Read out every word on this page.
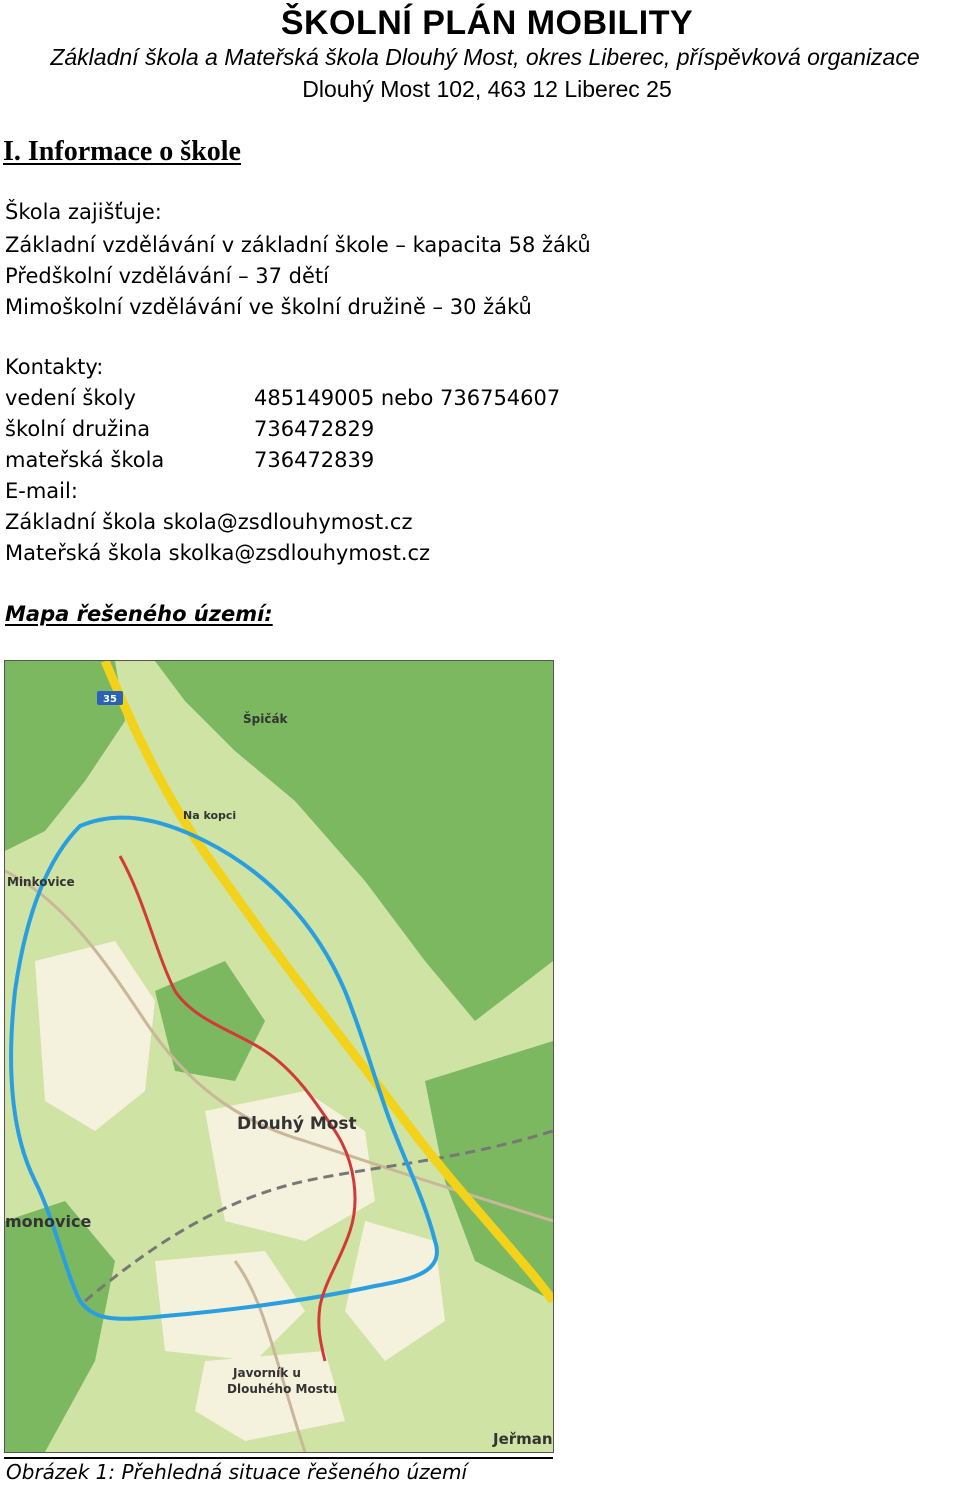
ŠKOLNÍ PLÁN MOBILITY
Základní škola a Mateřská škola Dlouhý Most, okres Liberec, příspěvková organizace
Dlouhý Most 102, 463 12 Liberec 25
I. Informace o škole
Škola zajišťuje:
Základní vzdělávání v základní škole – kapacita 58 žáků
Předškolní vzdělávání – 37 dětí
Mimoškolní vzdělávání ve školní družině – 30 žáků
Kontakty:
vedení školy	485149005 nebo 736754607
školní družina	736472829
mateřská škola	736472839
E-mail:
Základní škola skola@zsdlouhymost.cz
Mateřská škola skolka@zsdlouhymost.cz
Mapa řešeného území:
35
Špičák
Na kopci
Minkovice
Dlouhý Most
monovice
Javorník u
Dlouhého Mostu
Jeřman
Obrázek 1: Přehledná situace řešeného území
